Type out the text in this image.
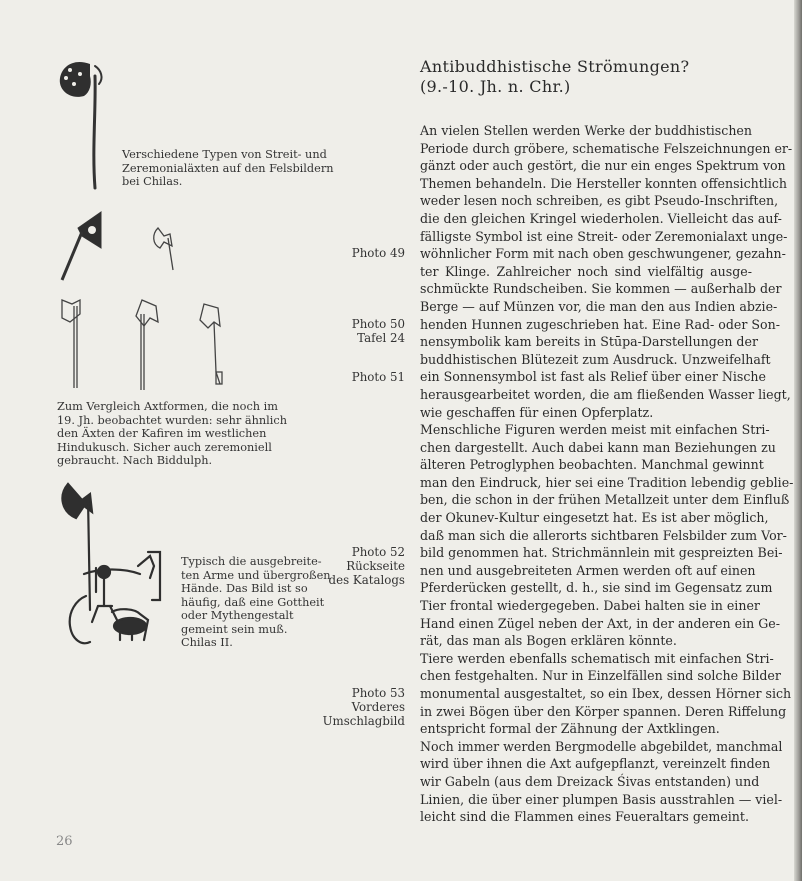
Verschiedene Typen von Streit- und
Zeremonialäxten auf den Felsbildern
bei Chilas.
Zum Vergleich Axtformen, die noch im
19. Jh. beobachtet wurden: sehr ähnlich
den Äxten der Kafiren im westlichen
Hindukusch. Sicher auch zeremoniell
gebraucht. Nach Biddulph.
Typisch die ausgebreite-
ten Arme und übergroßen
Hände. Das Bild ist so
häufig, daß eine Gottheit
oder Mythengestalt
gemeint sein muß.
Chilas II.
Photo 49
Photo 50
Tafel 24
Photo 51
Photo 52
Rückseite
des Katalogs
Photo 53
Vorderes
Umschlagbild
Antibuddhistische Strömungen?
(9.-10. Jh. n. Chr.)
An vielen Stellen werden Werke der buddhistischen
Periode durch gröbere, schematische Felszeichnungen er-
gänzt oder auch gestört, die nur ein enges Spektrum von
Themen behandeln. Die Hersteller konnten offensichtlich
weder lesen noch schreiben, es gibt Pseudo-Inschriften,
die den gleichen Kringel wiederholen. Vielleicht das auf-
fälligste Symbol ist eine Streit- oder Zeremonialaxt unge-
wöhnlicher Form mit nach oben geschwungener, gezahn-
ter Klinge. Zahlreicher noch sind vielfältig ausge-
schmückte Rundscheiben. Sie kommen — außerhalb der
Berge — auf Münzen vor, die man den aus Indien abzie-
henden Hunnen zugeschrieben hat. Eine Rad- oder Son-
nensymbolik kam bereits in Stūpa-Darstellungen der
buddhistischen Blütezeit zum Ausdruck. Unzweifelhaft
ein Sonnensymbol ist fast als Relief über einer Nische
herausgearbeitet worden, die am fließenden Wasser liegt,
wie geschaffen für einen Opferplatz.
Menschliche Figuren werden meist mit einfachen Stri-
chen dargestellt. Auch dabei kann man Beziehungen zu
älteren Petroglyphen beobachten. Manchmal gewinnt
man den Eindruck, hier sei eine Tradition lebendig geblie-
ben, die schon in der frühen Metallzeit unter dem Einfluß
der Okunev-Kultur eingesetzt hat. Es ist aber möglich,
daß man sich die allerorts sichtbaren Felsbilder zum Vor-
bild genommen hat. Strichmännlein mit gespreizten Bei-
nen und ausgebreiteten Armen werden oft auf einen
Pferderücken gestellt, d. h., sie sind im Gegensatz zum
Tier frontal wiedergegeben. Dabei halten sie in einer
Hand einen Zügel neben der Axt, in der anderen ein Ge-
rät, das man als Bogen erklären könnte.
Tiere werden ebenfalls schematisch mit einfachen Stri-
chen festgehalten. Nur in Einzelfällen sind solche Bilder
monumental ausgestaltet, so ein Ibex, dessen Hörner sich
in zwei Bögen über den Körper spannen. Deren Riffelung
entspricht formal der Zähnung der Axtklingen.
Noch immer werden Bergmodelle abgebildet, manchmal
wird über ihnen die Axt aufgepflanzt, vereinzelt finden
wir Gabeln (aus dem Dreizack Śivas entstanden) und
Linien, die über einer plumpen Basis ausstrahlen — viel-
leicht sind die Flammen eines Feueraltars gemeint.
26
